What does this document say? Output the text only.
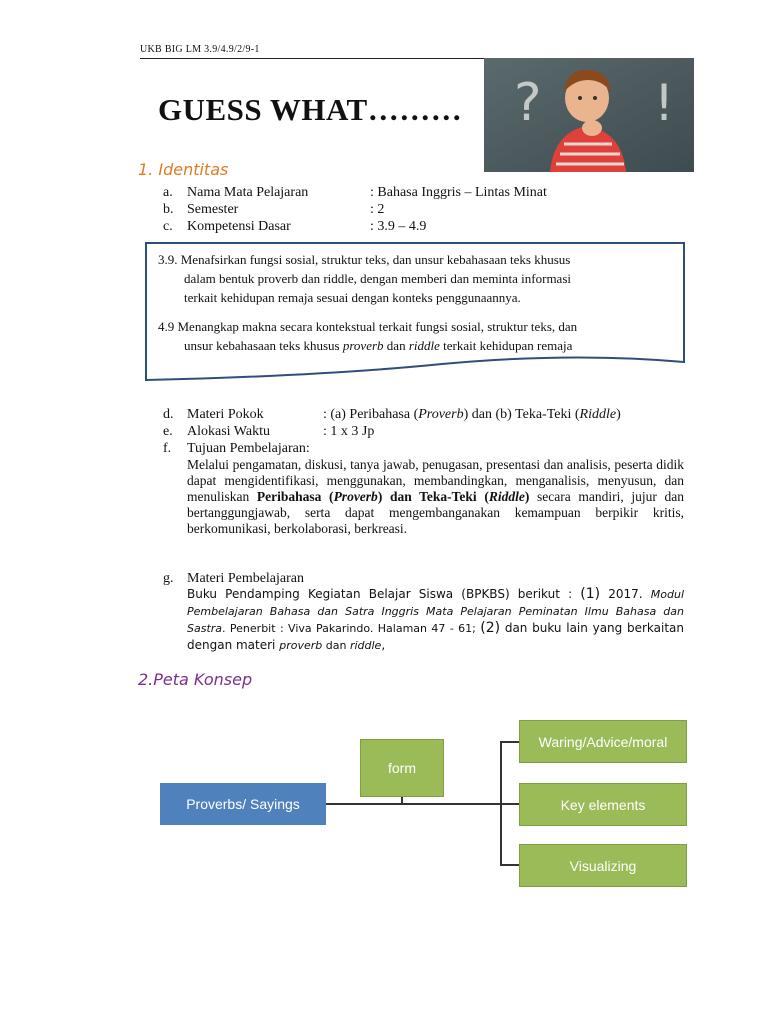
UKB BIG LM 3.9/4.9/2/9-1
GUESS WHAT……… ? !
1. Identitas
a. Nama Mata Pelajaran	: Bahasa Inggris – Lintas Minat
b. Semester	: 2
c. Kompetensi Dasar	: 3.9 – 4.9
3.9. Menafsirkan fungsi sosial, struktur teks, dan unsur kebahasaan teks khusus
dalam bentuk proverb dan riddle, dengan memberi dan meminta informasi
terkait kehidupan remaja sesuai dengan konteks penggunaannya.
4.9 Menangkap makna secara kontekstual terkait fungsi sosial, struktur teks, dan
unsur kebahasaan teks khusus proverb dan riddle terkait kehidupan remaja
d. Materi Pokok	: (a) Peribahasa (Proverb) dan (b) Teka-Teki (Riddle)
e. Alokasi Waktu	: 1 x 3 Jp
f. Tujuan Pembelajaran:
Melalui pengamatan, diskusi, tanya jawab, penugasan, presentasi dan analisis, peserta didik dapat mengidentifikasi, menggunakan, membandingkan, menganalisis, menyusun, dan menuliskan Peribahasa (Proverb) dan Teka-Teki (Riddle) secara mandiri, jujur dan bertanggungjawab, serta dapat mengembanganakan kemampuan berpikir kritis, berkomunikasi, berkolaborasi, berkreasi.
g. Materi Pembelajaran
Buku Pendamping Kegiatan Belajar Siswa (BPKBS) berikut : (1) 2017. Modul Pembelajaran Bahasa dan Satra Inggris Mata Pelajaran Peminatan Ilmu Bahasa dan Sastra. Penerbit : Viva Pakarindo. Halaman 47 - 61; (2) dan buku lain yang berkaitan dengan materi proverb dan riddle,
2.Peta Konsep
Proverbs/ Sayings
form
Waring/Advice/moral
Key elements
Visualizing
